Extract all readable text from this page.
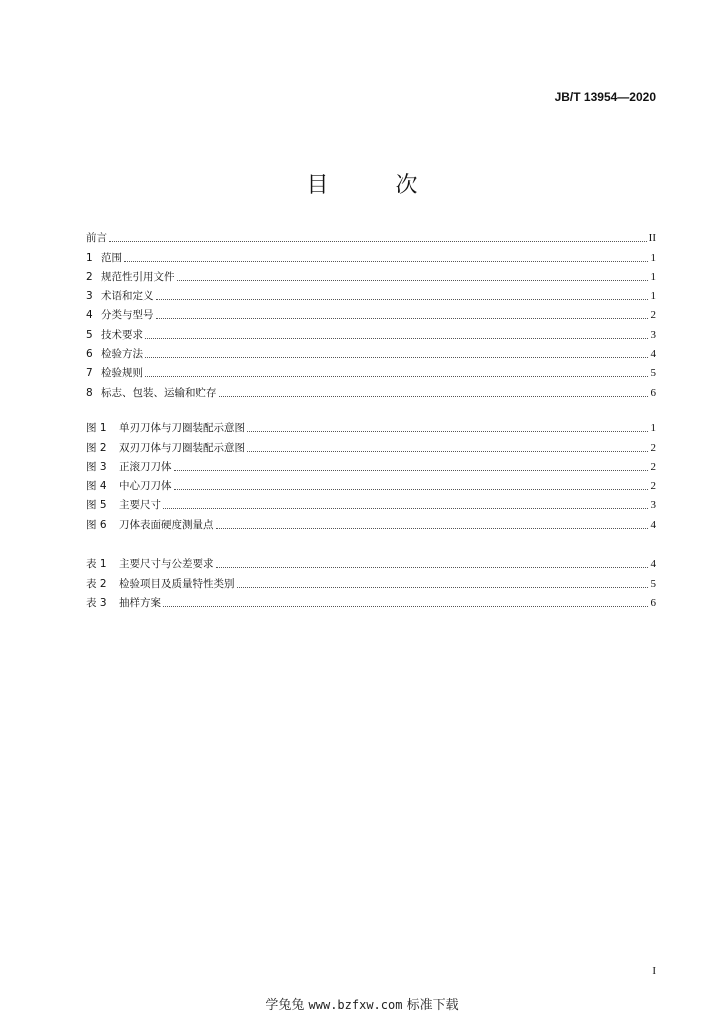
JB/T 13954—2020
目 次
前言	II
1 范围	1
2 规范性引用文件	1
3 术语和定义	1
4 分类与型号	2
5 技术要求	3
6 检验方法	4
7 检验规则	5
8 标志、包装、运输和贮存	6
图 1	单刃刀体与刀圈装配示意图	1
图 2	双刃刀体与刀圈装配示意图	2
图 3	正滚刀刀体	2
图 4	中心刀刀体	2
图 5	主要尺寸	3
图 6	刀体表面硬度测量点	4
表 1	主要尺寸与公差要求	4
表 2	检验项目及质量特性类别	5
表 3	抽样方案	6
I
学兔兔 www.bzfxw.com 标准下载
